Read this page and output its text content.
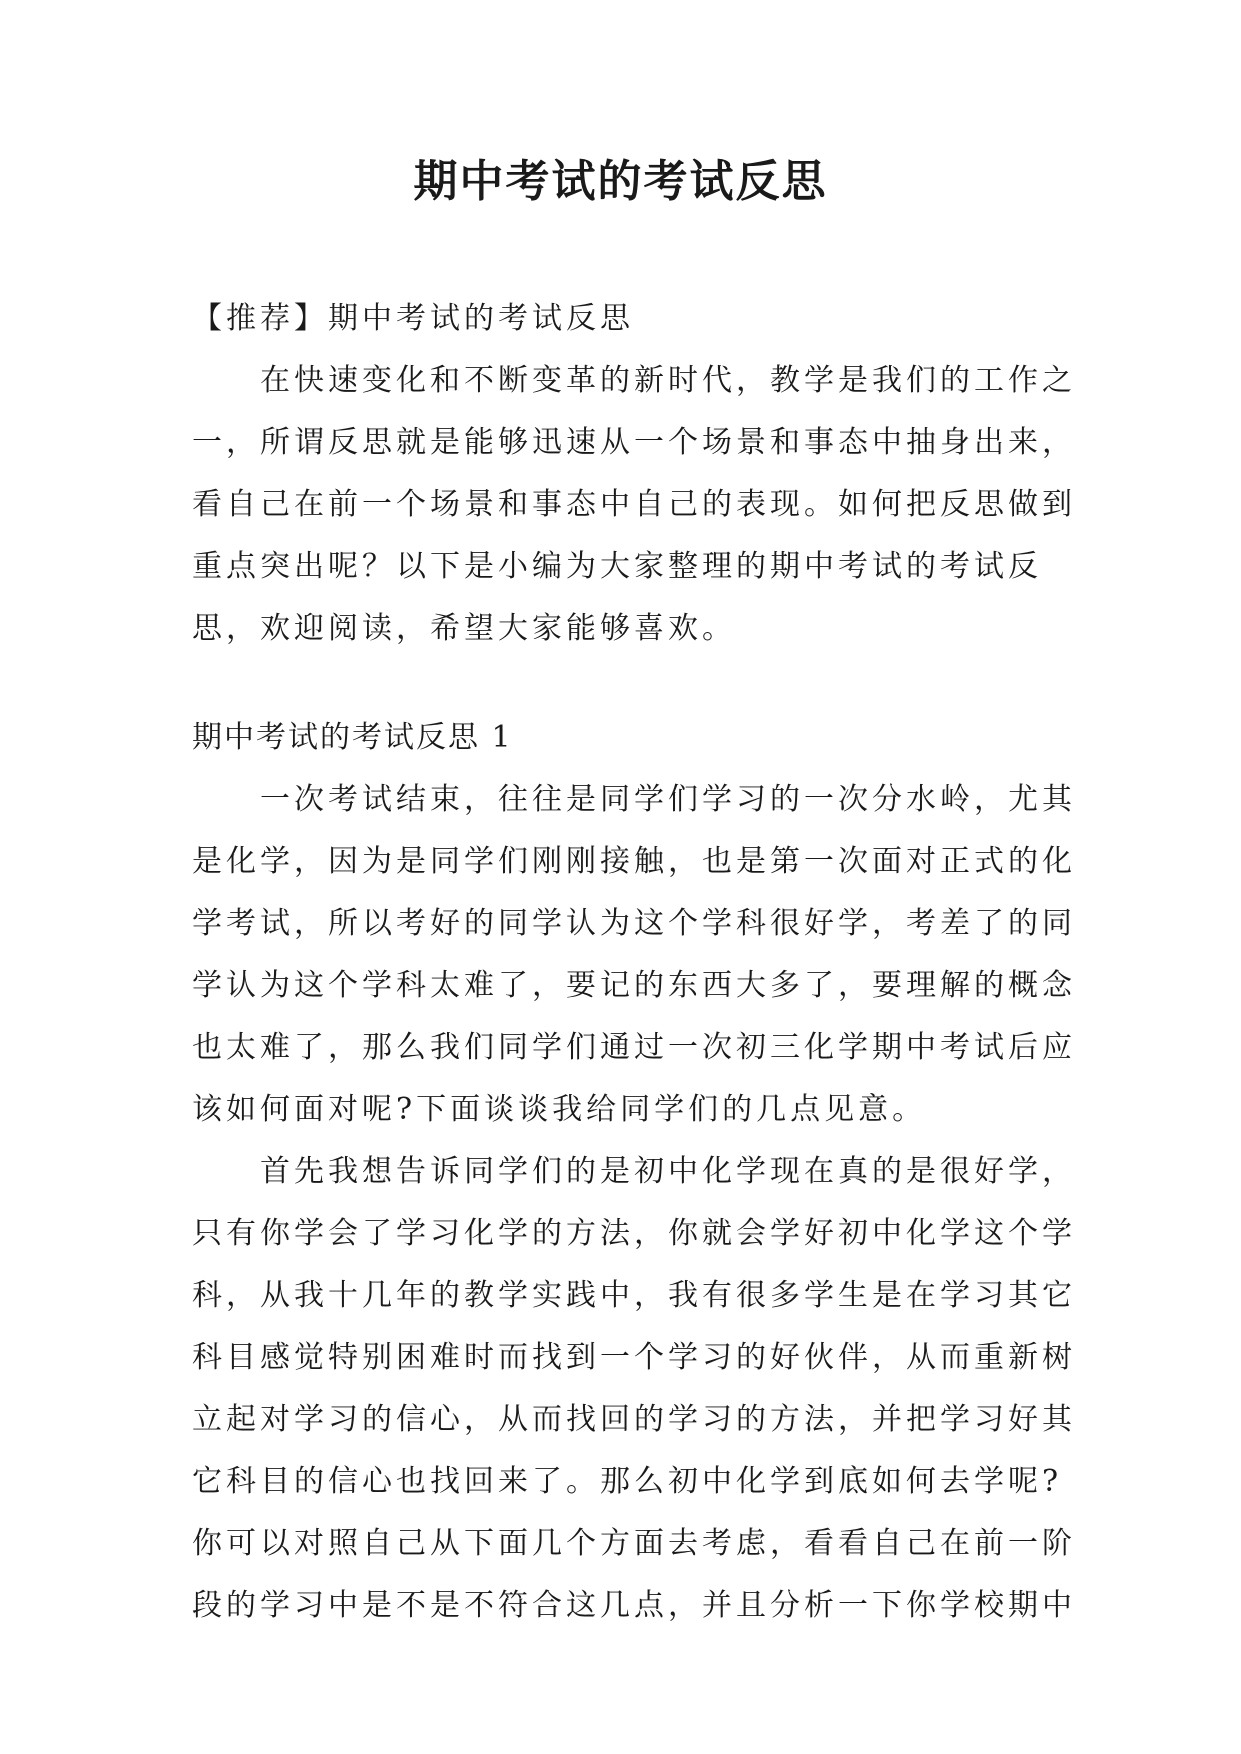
期中考试的考试反思
【推荐】期中考试的考试反思
在快速变化和不断变革的新时代，教学是我们的工作之
一，所谓反思就是能够迅速从一个场景和事态中抽身出来，
看自己在前一个场景和事态中自己的表现。如何把反思做到
重点突出呢？以下是小编为大家整理的期中考试的考试反
思，欢迎阅读，希望大家能够喜欢。
期中考试的考试反思 1
一次考试结束，往往是同学们学习的一次分水岭，尤其
是化学，因为是同学们刚刚接触，也是第一次面对正式的化
学考试，所以考好的同学认为这个学科很好学，考差了的同
学认为这个学科太难了，要记的东西大多了，要理解的概念
也太难了，那么我们同学们通过一次初三化学期中考试后应
该如何面对呢?下面谈谈我给同学们的几点见意。
首先我想告诉同学们的是初中化学现在真的是很好学，
只有你学会了学习化学的方法，你就会学好初中化学这个学
科，从我十几年的教学实践中，我有很多学生是在学习其它
科目感觉特别困难时而找到一个学习的好伙伴，从而重新树
立起对学习的信心，从而找回的学习的方法，并把学习好其
它科目的信心也找回来了。那么初中化学到底如何去学呢?
你可以对照自己从下面几个方面去考虑，看看自己在前一阶
段的学习中是不是不符合这几点，并且分析一下你学校期中
